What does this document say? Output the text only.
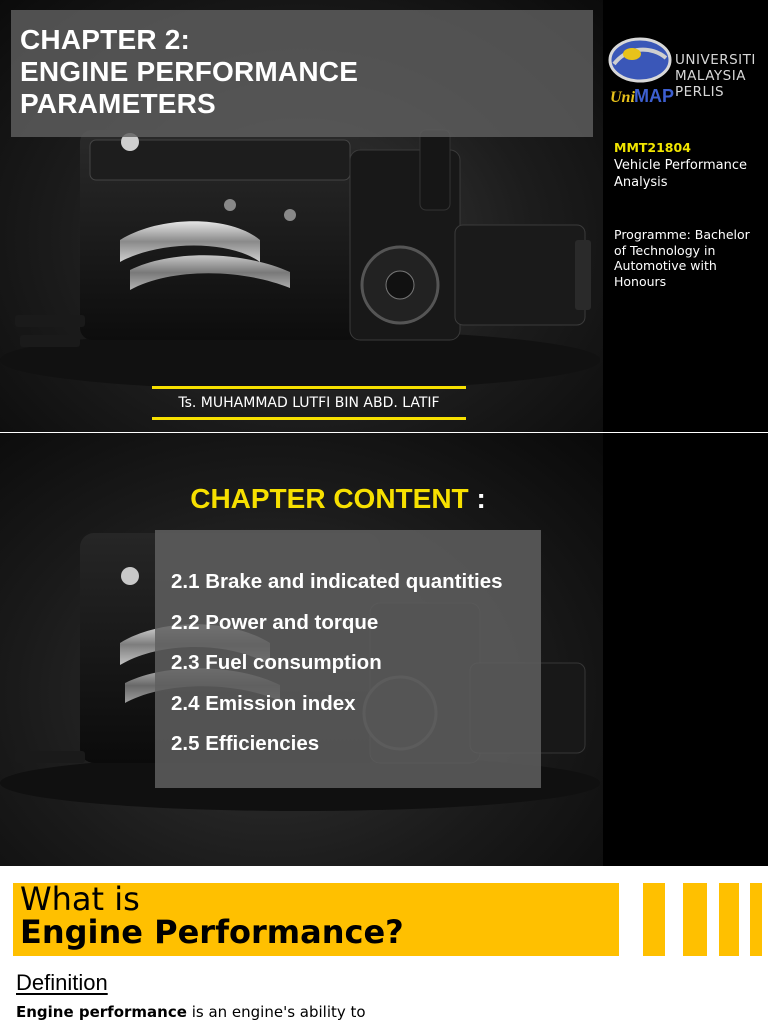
CHAPTER 2:
ENGINE PERFORMANCE
PARAMETERS
Ts. MUHAMMAD LUTFI BIN ABD. LATIF
Uni MAP
UNIVERSITI
MALAYSIA
PERLIS
MMT21804
Vehicle Performance Analysis
Programme: Bachelor of Technology in Automotive with Honours
CHAPTER CONTENT :
2.1 Brake and indicated quantities
2.2 Power and torque
2.3 Fuel consumption
2.4 Emission index
2.5 Efficiencies
What is
Engine Performance?
Definition
Engine performance is an engine's ability to
